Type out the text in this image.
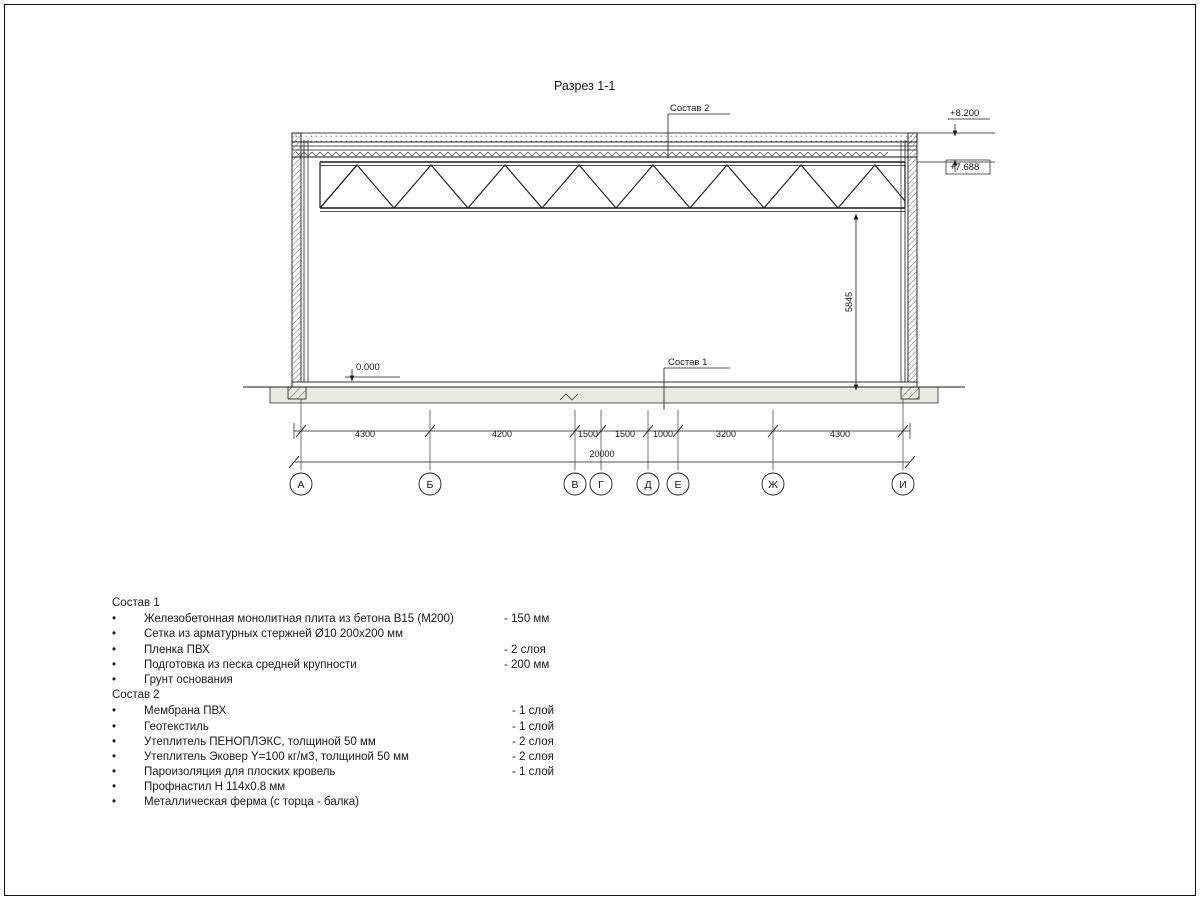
Разрез 1-1
+8.200
+7.688
0.000
5845
Состав 2
Состав 1
4300	4200	1500 1500 1000	3200	4300
20000
А	Б	В Г	Д Е	Ж	И
Состав 1
•	Железобетонная монолитная плита из бетона В15 (М200)	- 150 мм
•	Сетка из арматурных стержней Ø10 200х200 мм
•	Пленка ПВХ	- 2 слоя
•	Подготовка из песка средней крупности	- 200 мм
•	Грунт основания
Состав 2
•	Мембрана ПВХ	- 1 слой
•	Геотекстиль	- 1 слой
•	Утеплитель ПЕНОПЛЭКС, толщиной 50 мм	- 2 слоя
•	Утеплитель Эковер Y=100 кг/м3, толщиной 50 мм	- 2 слоя
•	Пароизоляция для плоских кровель	- 1 слой
•	Профнастил Н 114х0.8 мм
•	Металлическая ферма (с торца - балка)
